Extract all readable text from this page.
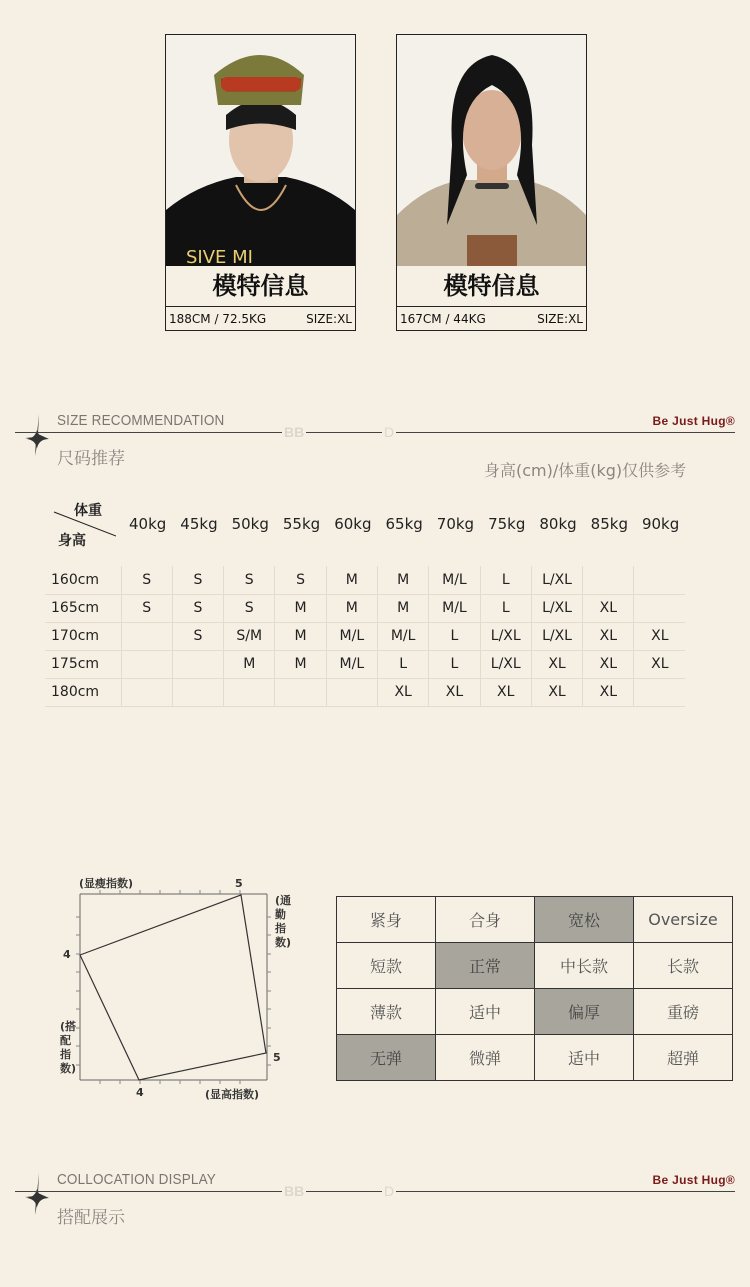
SIVE MI
模特信息
188CM / 72.5KG	SIZE:XL
模特信息
167CM / 44KG	SIZE:XL
BB	D
SIZE RECOMMENDATION
尺码推荐
Be Just Hug®
身高(cm)/体重(kg)仅供参考
体重
身高
40kg 45kg 50kg 55kg 60kg 65kg 70kg 75kg 80kg 85kg 90kg
160cm	S	S	S	S	M	M	M/L	L	L/XL		
165cm	S	S	S	M	M	M	M/L	L	L/XL	XL	
170cm		S	S/M	M	M/L	M/L	L	L/XL	L/XL	XL	XL
175cm			M	M	M/L	L	L	L/XL	XL	XL	XL
180cm						XL	XL	XL	XL	XL	
(显瘦指数)	5
4
5
4	(显高指数)
(通勤指数)
(搭配指数)
紧身	合身	宽松	Oversize
短款	正常	中长款	长款
薄款	适中	偏厚	重磅
无弹	微弹	适中	超弹
BB	D
COLLOCATION DISPLAY
搭配展示
Be Just Hug®
